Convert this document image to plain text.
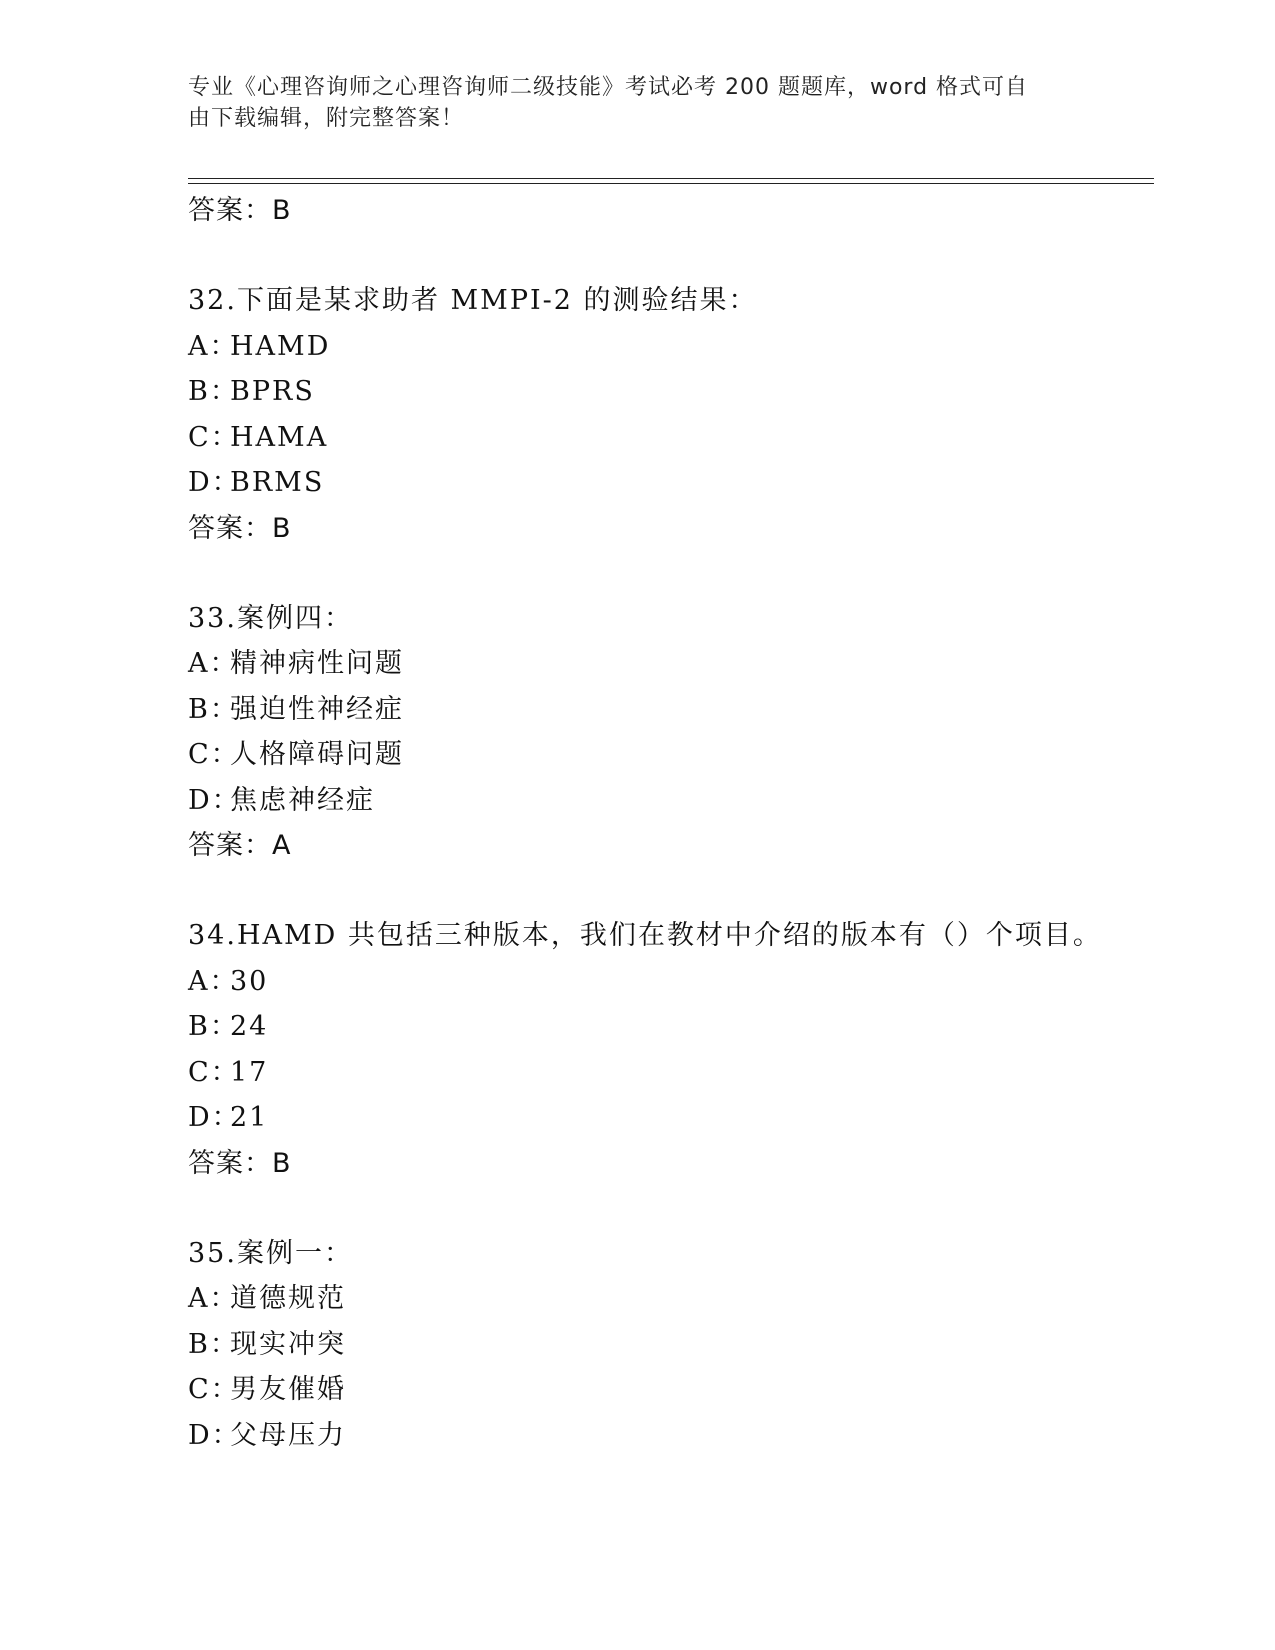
专业《心理咨询师之心理咨询师二级技能》考试必考 200 题题库，word 格式可自
由下载编辑，附完整答案！
答案：B
32.下面是某求助者 MMPI-2 的测验结果：
A：HAMD
B：BPRS
C：HAMA
D：BRMS
答案：B
33.案例四：
A：精神病性问题
B：强迫性神经症
C：人格障碍问题
D：焦虑神经症
答案：A
34.HAMD 共包括三种版本，我们在教材中介绍的版本有（）个项目。
A：30
B：24
C：17
D：21
答案：B
35.案例一：
A：道德规范
B：现实冲突
C：男友催婚
D：父母压力
